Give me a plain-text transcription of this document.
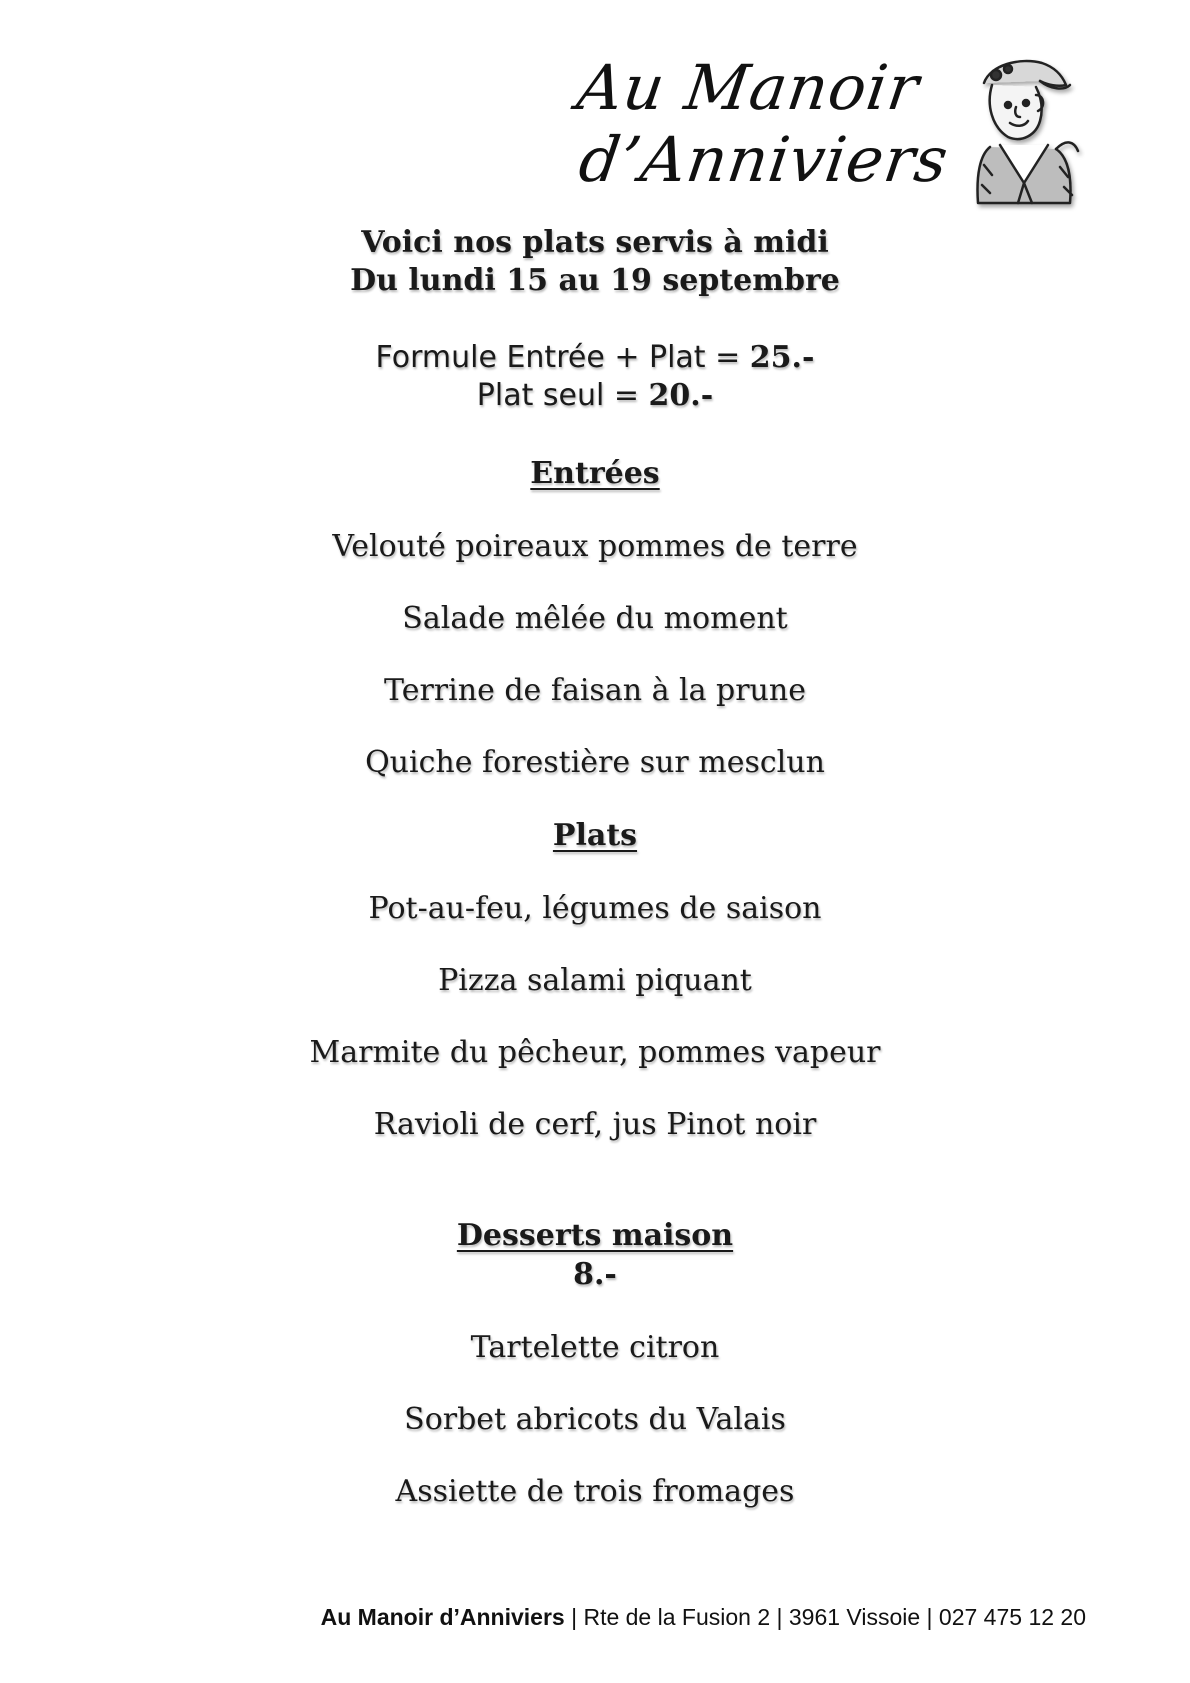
Au Manoir
d’Anniviers
Voici nos plats servis à midi
Du lundi 15 au 19 septembre
Formule Entrée + Plat = 25.-
Plat seul = 20.-
Entrées
Velouté poireaux pommes de terre
Salade mêlée du moment
Terrine de faisan à la prune
Quiche forestière sur mesclun
Plats
Pot-au-feu, légumes de saison
Pizza salami piquant
Marmite du pêcheur, pommes vapeur
Ravioli de cerf, jus Pinot noir
Desserts maison
8.-
Tartelette citron
Sorbet abricots du Valais
Assiette de trois fromages
Au Manoir d’Anniviers | Rte de la Fusion 2 | 3961 Vissoie | 027 475 12 20
